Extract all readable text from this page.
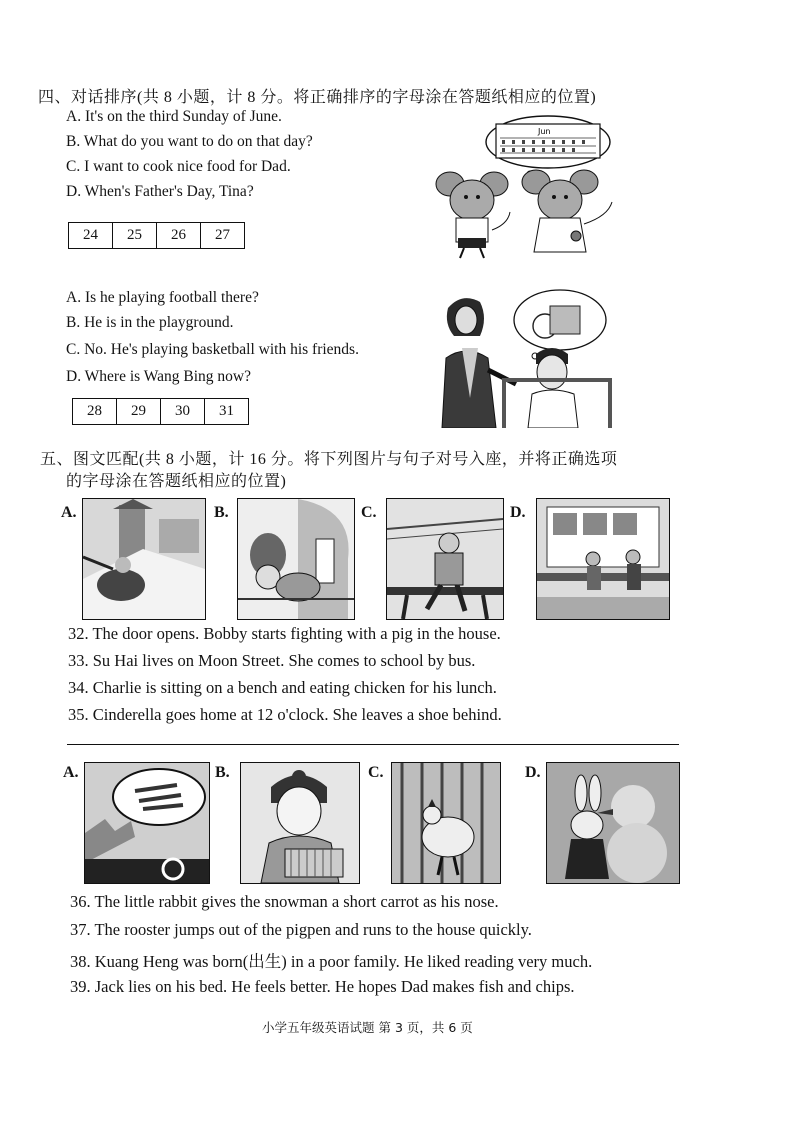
四、对话排序(共 8 小题，计 8 分。将正确排序的字母涂在答题纸相应的位置)
A. It's on the third Sunday of June.
B. What do you want to do on that day?
C. I want to cook nice food for Dad.
D. When's Father's Day, Tina?
24	25	26	27
Jun
A. Is he playing football there?
B. He is in the playground.
C. No. He's playing basketball with his friends.
D. Where is Wang Bing now?
28	29	30	31
五、图文匹配(共 8 小题，计 16 分。将下列图片与句子对号入座，并将正确选项
的字母涂在答题纸相应的位置)
A.	B.	C.	D.
32. The door opens. Bobby starts fighting with a pig in the house.
33. Su Hai lives on Moon Street. She comes to school by bus.
34. Charlie is sitting on a bench and eating chicken for his lunch.
35. Cinderella goes home at 12 o'clock. She leaves a shoe behind.
A.	B.	C.	D.
36. The little rabbit gives the snowman a short carrot as his nose.
37. The rooster jumps out of the pigpen and runs to the house quickly.
38. Kuang Heng was born(出生) in a poor family. He liked reading very much.
39. Jack lies on his bed. He feels better. He hopes Dad makes fish and chips.
小学五年级英语试题 第 3 页，共 6 页
